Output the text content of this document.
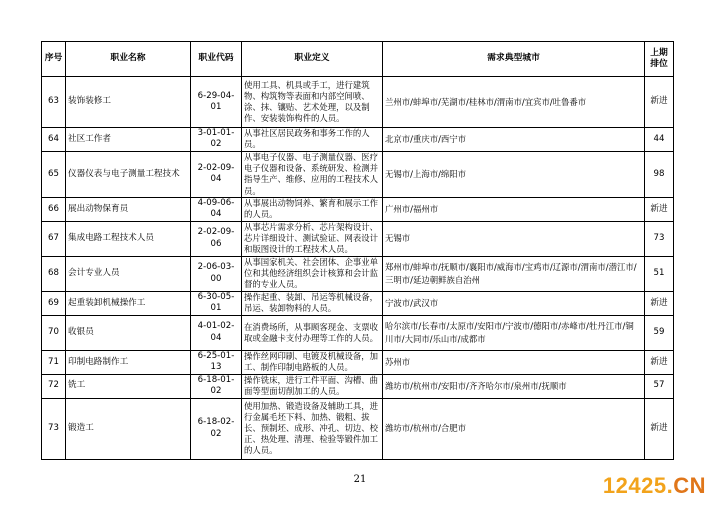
序号	职业名称	职业代码	职业定义	需求典型城市	上期排位
63	装饰装修工	6-29-04-01	使用工具、机具或手工，进行建筑物、构筑物等表面和内部空间喷、涂、抹、镶贴、艺术处理，以及制作、安装装饰构件的人员。	兰州市/蚌埠市/芜湖市/桂林市/渭南市/宜宾市/吐鲁番市	新进
64	社区工作者	3-01-01-02	从事社区居民政务和事务工作的人员。	北京市/重庆市/西宁市	44
65	仪器仪表与电子测量工程技术	2-02-09-04	从事电子仪器、电子测量仪器、医疗电子仪器和设备、系统研发、检测并指导生产、维修、应用的工程技术人员。	无锡市/上海市/绵阳市	98
66	展出动物保育员	4-09-06-04	从事展出动物饲养、繁育和展示工作的人员。	广州市/福州市	新进
67	集成电路工程技术人员	2-02-09-06	从事芯片需求分析、芯片架构设计、芯片详细设计、测试验证、网表设计和版图设计的工程技术人员。	无锡市	73
68	会计专业人员	2-06-03-00	从事国家机关、社会团体、企事业单位和其他经济组织会计核算和会计监督的专业人员。	郑州市/蚌埠市/抚顺市/襄阳市/威海市/宝鸡市/辽源市/渭南市/潜江市/三明市/延边朝鲜族自治州	51
69	起重装卸机械操作工	6-30-05-01	操作起重、装卸、吊运等机械设备，吊运、装卸物料的人员。	宁波市/武汉市	新进
70	收银员	4-01-02-04	在消费场所，从事顾客现金、支票收取或金融卡支付办理等工作的人员。	哈尔滨市/长春市/太原市/安阳市/宁波市/德阳市/赤峰市/牡丹江市/铜川市/大同市/乐山市/成都市	59
71	印制电路制作工	6-25-01-13	操作丝网印刷、电镀及机械设备，加工、制作印制电路板的人员。	苏州市	新进
72	铣工	6-18-01-02	操作铣床，进行工件平面、沟槽、曲面等型面切削加工的人员。	潍坊市/杭州市/安阳市/齐齐哈尔市/泉州市/抚顺市	57
73	锻造工	6-18-02-02	使用加热、锻造设备及辅助工具，进行金属毛坯下料、加热、锻粗、拔长、预制坯、成形、冲孔、切边、校正、热处理、清理、检验等锻件加工的人员。	潍坊市/杭州市/合肥市	新进
21	12425.CN
